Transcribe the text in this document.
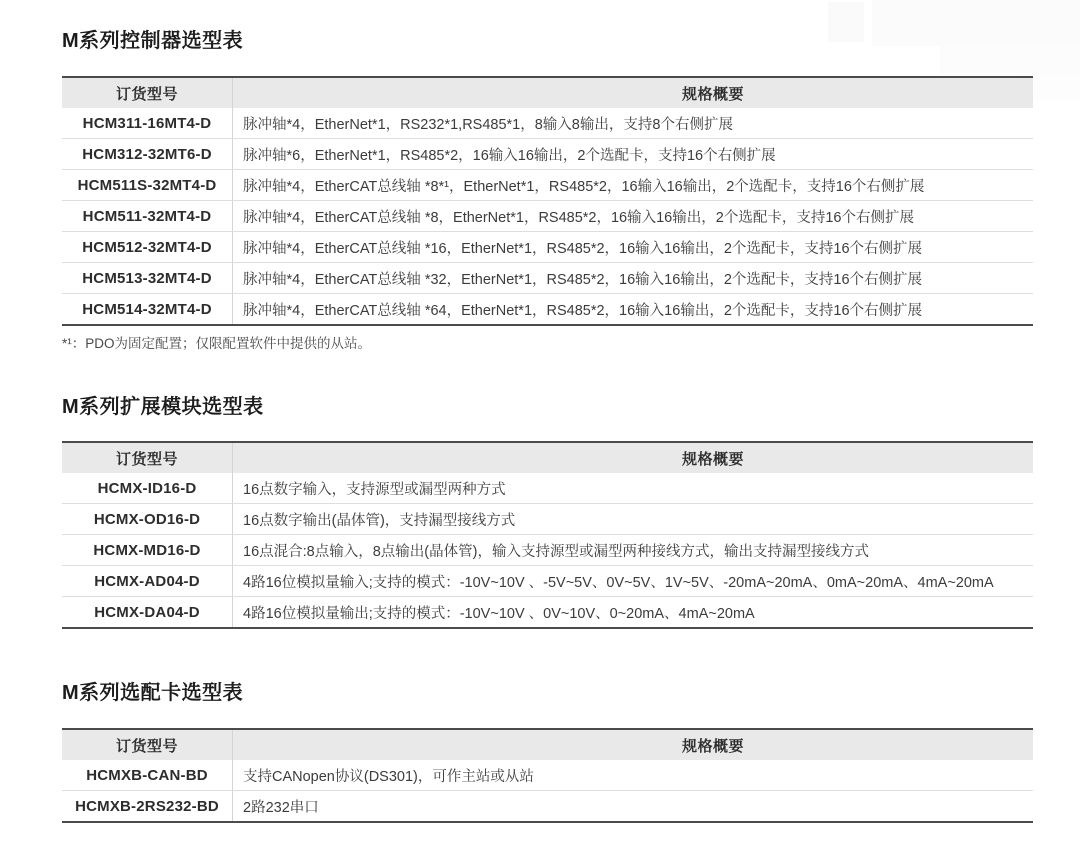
M系列控制器选型表
订货型号	规格概要
HCM311-16MT4-D	脉冲轴*4，EtherNet*1，RS232*1,RS485*1，8输入8输出，支持8个右侧扩展
HCM312-32MT6-D	脉冲轴*6，EtherNet*1，RS485*2，16输入16输出，2个选配卡，支持16个右侧扩展
HCM511S-32MT4-D	脉冲轴*4，EtherCAT总线轴 *8*¹，EtherNet*1，RS485*2，16输入16输出，2个选配卡，支持16个右侧扩展
HCM511-32MT4-D	脉冲轴*4，EtherCAT总线轴 *8，EtherNet*1，RS485*2，16输入16输出，2个选配卡，支持16个右侧扩展
HCM512-32MT4-D	脉冲轴*4，EtherCAT总线轴 *16，EtherNet*1，RS485*2，16输入16输出，2个选配卡，支持16个右侧扩展
HCM513-32MT4-D	脉冲轴*4，EtherCAT总线轴 *32，EtherNet*1，RS485*2，16输入16输出，2个选配卡，支持16个右侧扩展
HCM514-32MT4-D	脉冲轴*4，EtherCAT总线轴 *64，EtherNet*1，RS485*2，16输入16输出，2个选配卡，支持16个右侧扩展
*¹：PDO为固定配置；仅限配置软件中提供的从站。
M系列扩展模块选型表
订货型号	规格概要
HCMX-ID16-D	16点数字输入，支持源型或漏型两种方式
HCMX-OD16-D	16点数字输出(晶体管)，支持漏型接线方式
HCMX-MD16-D	16点混合:8点输入，8点输出(晶体管)，输入支持源型或漏型两种接线方式，输出支持漏型接线方式
HCMX-AD04-D	4路16位模拟量输入;支持的模式：-10V~10V 、-5V~5V、0V~5V、1V~5V、-20mA~20mA、0mA~20mA、4mA~20mA
HCMX-DA04-D	4路16位模拟量输出;支持的模式：-10V~10V 、0V~10V、0~20mA、4mA~20mA
M系列选配卡选型表
订货型号	规格概要
HCMXB-CAN-BD	支持CANopen协议(DS301)，可作主站或从站
HCMXB-2RS232-BD	2路232串口
